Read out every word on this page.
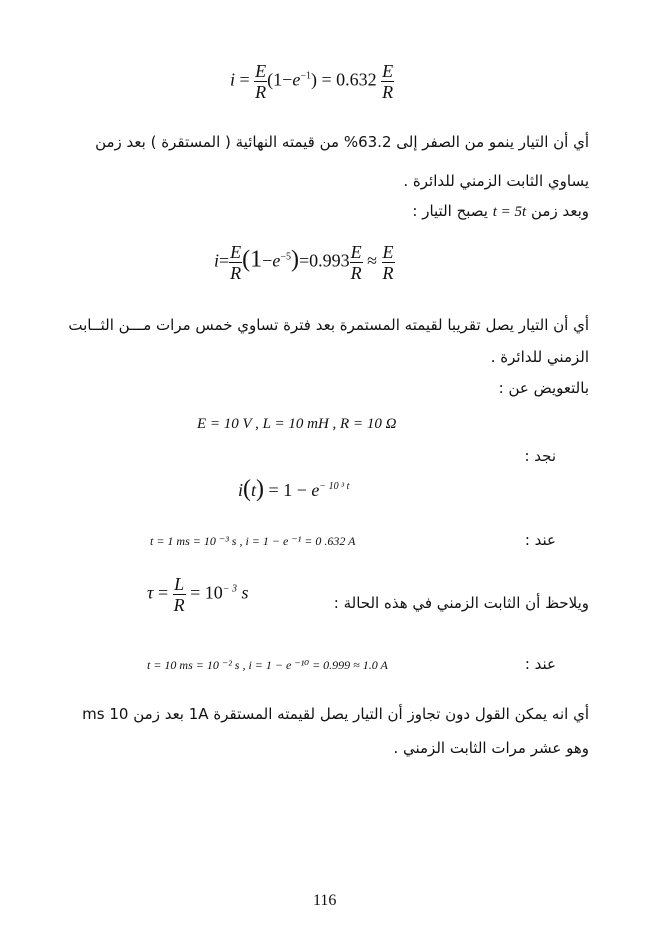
$i = \frac{E}{R} (1-e^{-1}) = 0.632 \frac{E}{R}$
أي أن التيار ينمو من الصفر إلى 63.2% من قيمته النهائية ( المستقرة ) بعد زمن
يساوي الثابت الزمني للدائرة .
وبعد زمن t = 5t يصبح التيار :
$i= \frac{E}{R} (1-e^{-5})=0.993 \frac{E}{R} \approx \frac{E}{R}$
أي أن التيار يصل تقريبا لقيمته المستمرة بعد فترة تساوي خمس مرات مـــن الثــابت
الزمني للدائرة .
بالتعويض عن :
E = 10 V , L = 10 mH , R = 10 Ω
نجد :
$i(t) = 1 - e^{- 10 ^3 t}$
عند :
t = 1 ms = 10 ⁻³ s , i = 1 − e ⁻¹ = 0 .632 A
ويلاحظ أن الثابت الزمني في هذه الحالة :
$\tau = \frac{L}{R} = 10^{- 3}$ s
عند :
t = 10 ms = 10 ⁻² s , i = 1 − e ⁻¹⁰ = 0.999 ≈ 1.0 A
أي انه يمكن القول دون تجاوز أن التيار يصل لقيمته المستقرة 1A بعد زمن 10 ms
وهو عشر مرات الثابت الزمني .
116
